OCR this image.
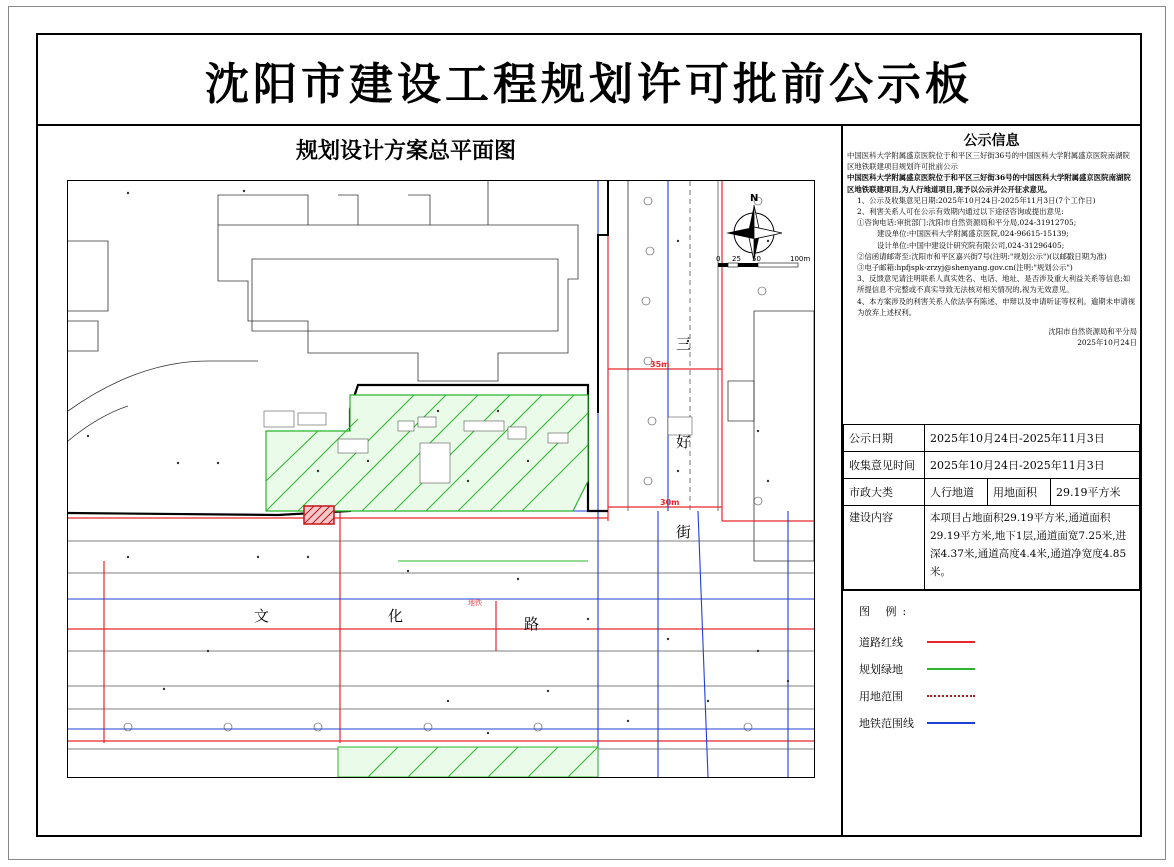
沈阳市建设工程规划许可批前公示板
规划设计方案总平面图
三
好
街
文	化	路
35m
30m
地铁
N
0 25 50	100m
公示信息

中国医科大学附属盛京医院位于和平区三好街36号的中国医科大学附属盛京医院南湖院区地铁联建项目规划许可批前公示

中国医科大学附属盛京医院位于和平区三好街36号的中国医科大学附属盛京医院南湖院区地铁联建项目,为人行地道项目,现予以公示并公开征求意见。

1、公示及收集意见日期:2025年10月24日-2025年11月3日(7个工作日)

2、利害关系人可在公示有效期内通过以下途径咨询或提出意见:

①咨询电话:审批部门:沈阳市自然资源局和平分局,024-31912705;

建设单位:中国医科大学附属盛京医院,024-96615-15139;

设计单位:中国中建设计研究院有限公司,024-31296405;

②信函请邮寄至:沈阳市和平区嘉兴街7号(注明:"规划公示")(以邮戳日期为准)

③电子邮箱:hpfjspk-zrzyj@shenyang.gov.cn(注明:"规划公示")

3、反馈意见请注明联系人真实姓名、电话、地址、是否涉及重大利益关系等信息;如所提信息不完整或不真实导致无法核对相关情况的,视为无效意见。

4、本方案涉及的利害关系人依法享有陈述、申辩以及申请听证等权利。逾期未申请视为放弃上述权利。

沈阳市自然资源局和平分局

2025年10月24日

公示日期	2025年10月24日-2025年11月3日		
收集意见时间	2025年10月24日-2025年11月3日		
市政大类	人行地道	用地面积	29.19平方米
建设内容	本项目占地面积29.19平方米,通道面积29.19平方米,地下1层,通道面宽7.25米,进深4.37米,通道高度4.4米,通道净宽度4.85米。		
图 例:
道路红线
规划绿地
用地范围
地铁范围线
